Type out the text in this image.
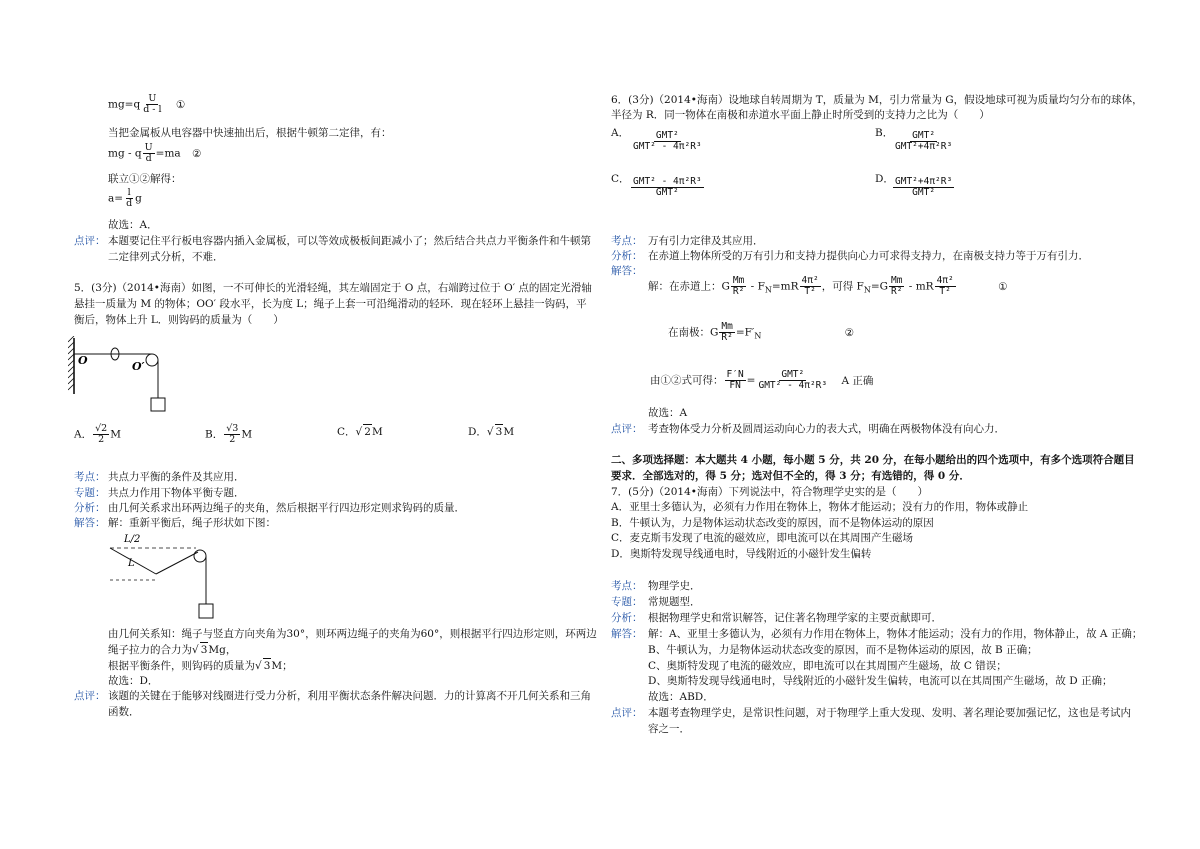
$mg=q \frac{U}{d - l}$ ①
当把金属板从电容器中快速抽出后，根据牛顿第二定律，有：
mg - q $\frac{U}{d} =ma$ ②
联立①②解得：
$a= \frac{l}{d}$ g
故选：A．
点评： 本题要记住平行板电容器内插入金属板，可以等效成极板间距减小了；然后结合共点力平衡条件和牛顿第
二定律列式分析，不难．
5．(3分)（2014•海南）如图，一不可伸长的光滑轻绳，其左端固定于 O 点，右端跨过位于 O′ 点的固定光滑轴
悬挂一质量为 M 的物体；OO′ 段水平，长为度 L；绳子上套一可沿绳滑动的轻环．现在轻环上悬挂一钩码，平
衡后，物体上升 L．则钩码的质量为（　　）
O	O′
A． $\frac{√2}{2}$ M	B． $\frac{√3}{2}$ M	C．√ 2M	D．√ 3M
考点： 共点力平衡的条件及其应用．
专题： 共点力作用下物体平衡专题．
分析： 由几何关系求出环两边绳子的夹角，然后根据平行四边形定则求钩码的质量．
解答： 解：重新平衡后，绳子形状如下图：
L/2
L
由几何关系知：绳子与竖直方向夹角为30°，则环两边绳子的夹角为60°，则根据平行四边形定则，环两边
绳子拉力的合力为√ 3Mg，
根据平衡条件，则钩码的质量为√ 3M；
故选：D．
点评： 该题的关键在于能够对线圈进行受力分析，利用平衡状态条件解决问题．力的计算离不开几何关系和三角
函数．
6．(3分)（2014•海南）设地球自转周期为 T，质量为 M，引力常量为 G，假设地球可视为质量均匀分布的球体，
半径为 R．同一物体在南极和赤道水平面上静止时所受到的支持力之比为（　　）
A． $\frac{\text{GMT²}}{\text{GMT² - 4π²R³}}$	B． $\frac{\text{GMT²}}{\text{GMT²+4π²R³}}$
C． $\frac{\text{GMT² - 4π²R³}}{\text{GMT²}}$	D． $\frac{\text{GMT²+4π²R³}}{\text{GMT²}}$
考点： 万有引力定律及其应用．
分析： 在赤道上物体所受的万有引力和支持力提供向心力可求得支持力，在南极支持力等于万有引力．
解答：
解：在赤道上：G $\frac{Mm}{\text{R²}} - F_N=mR \frac{\text{4π²}}{\text{T²}}$ ，可得 $F_N=G \frac{Mm}{\text{R²}}$ - mR $\frac{\text{4π²}}{\text{T²}}$	①
在南极：G $\frac{Mm}{\text{R²}} =F'_N$	②
由①②式可得： $\frac{F'N}{FN} = \frac{\text{GMT²}}{\text{GMT² - 4π²R³}}$ A 正确
故选：A
点评： 考查物体受力分析及圆周运动向心力的表大式，明确在两极物体没有向心力．
二、多项选择题：本大题共 4 小题，每小题 5 分，共 20 分，在每小题给出的四个选项中，有多个选项符合题目
要求．全部选对的，得 5 分；选对但不全的，得 3 分；有选错的，得 0 分．
7．(5分)（2014•海南）下列说法中，符合物理学史实的是（　　）
A．亚里士多德认为，必须有力作用在物体上，物体才能运动；没有力的作用，物体或静止
B．牛顿认为，力是物体运动状态改变的原因，而不是物体运动的原因
C．麦克斯韦发现了电流的磁效应，即电流可以在其周围产生磁场
D．奥斯特发现导线通电时，导线附近的小磁针发生偏转
考点： 物理学史．
专题： 常规题型．
分析： 根据物理学史和常识解答，记住著名物理学家的主要贡献即可．
解答： 解：A、亚里士多德认为，必须有力作用在物体上，物体才能运动；没有力的作用，物体静止，故 A 正确；
B、牛顿认为，力是物体运动状态改变的原因，而不是物体运动的原因，故 B 正确；
C、奥斯特发现了电流的磁效应，即电流可以在其周围产生磁场，故 C 错误；
D、奥斯特发现导线通电时，导线附近的小磁针发生偏转，电流可以在其周围产生磁场，故 D 正确；
故选：ABD．
点评： 本题考查物理学史，是常识性问题，对于物理学上重大发现、发明、著名理论要加强记忆，这也是考试内
容之一．
